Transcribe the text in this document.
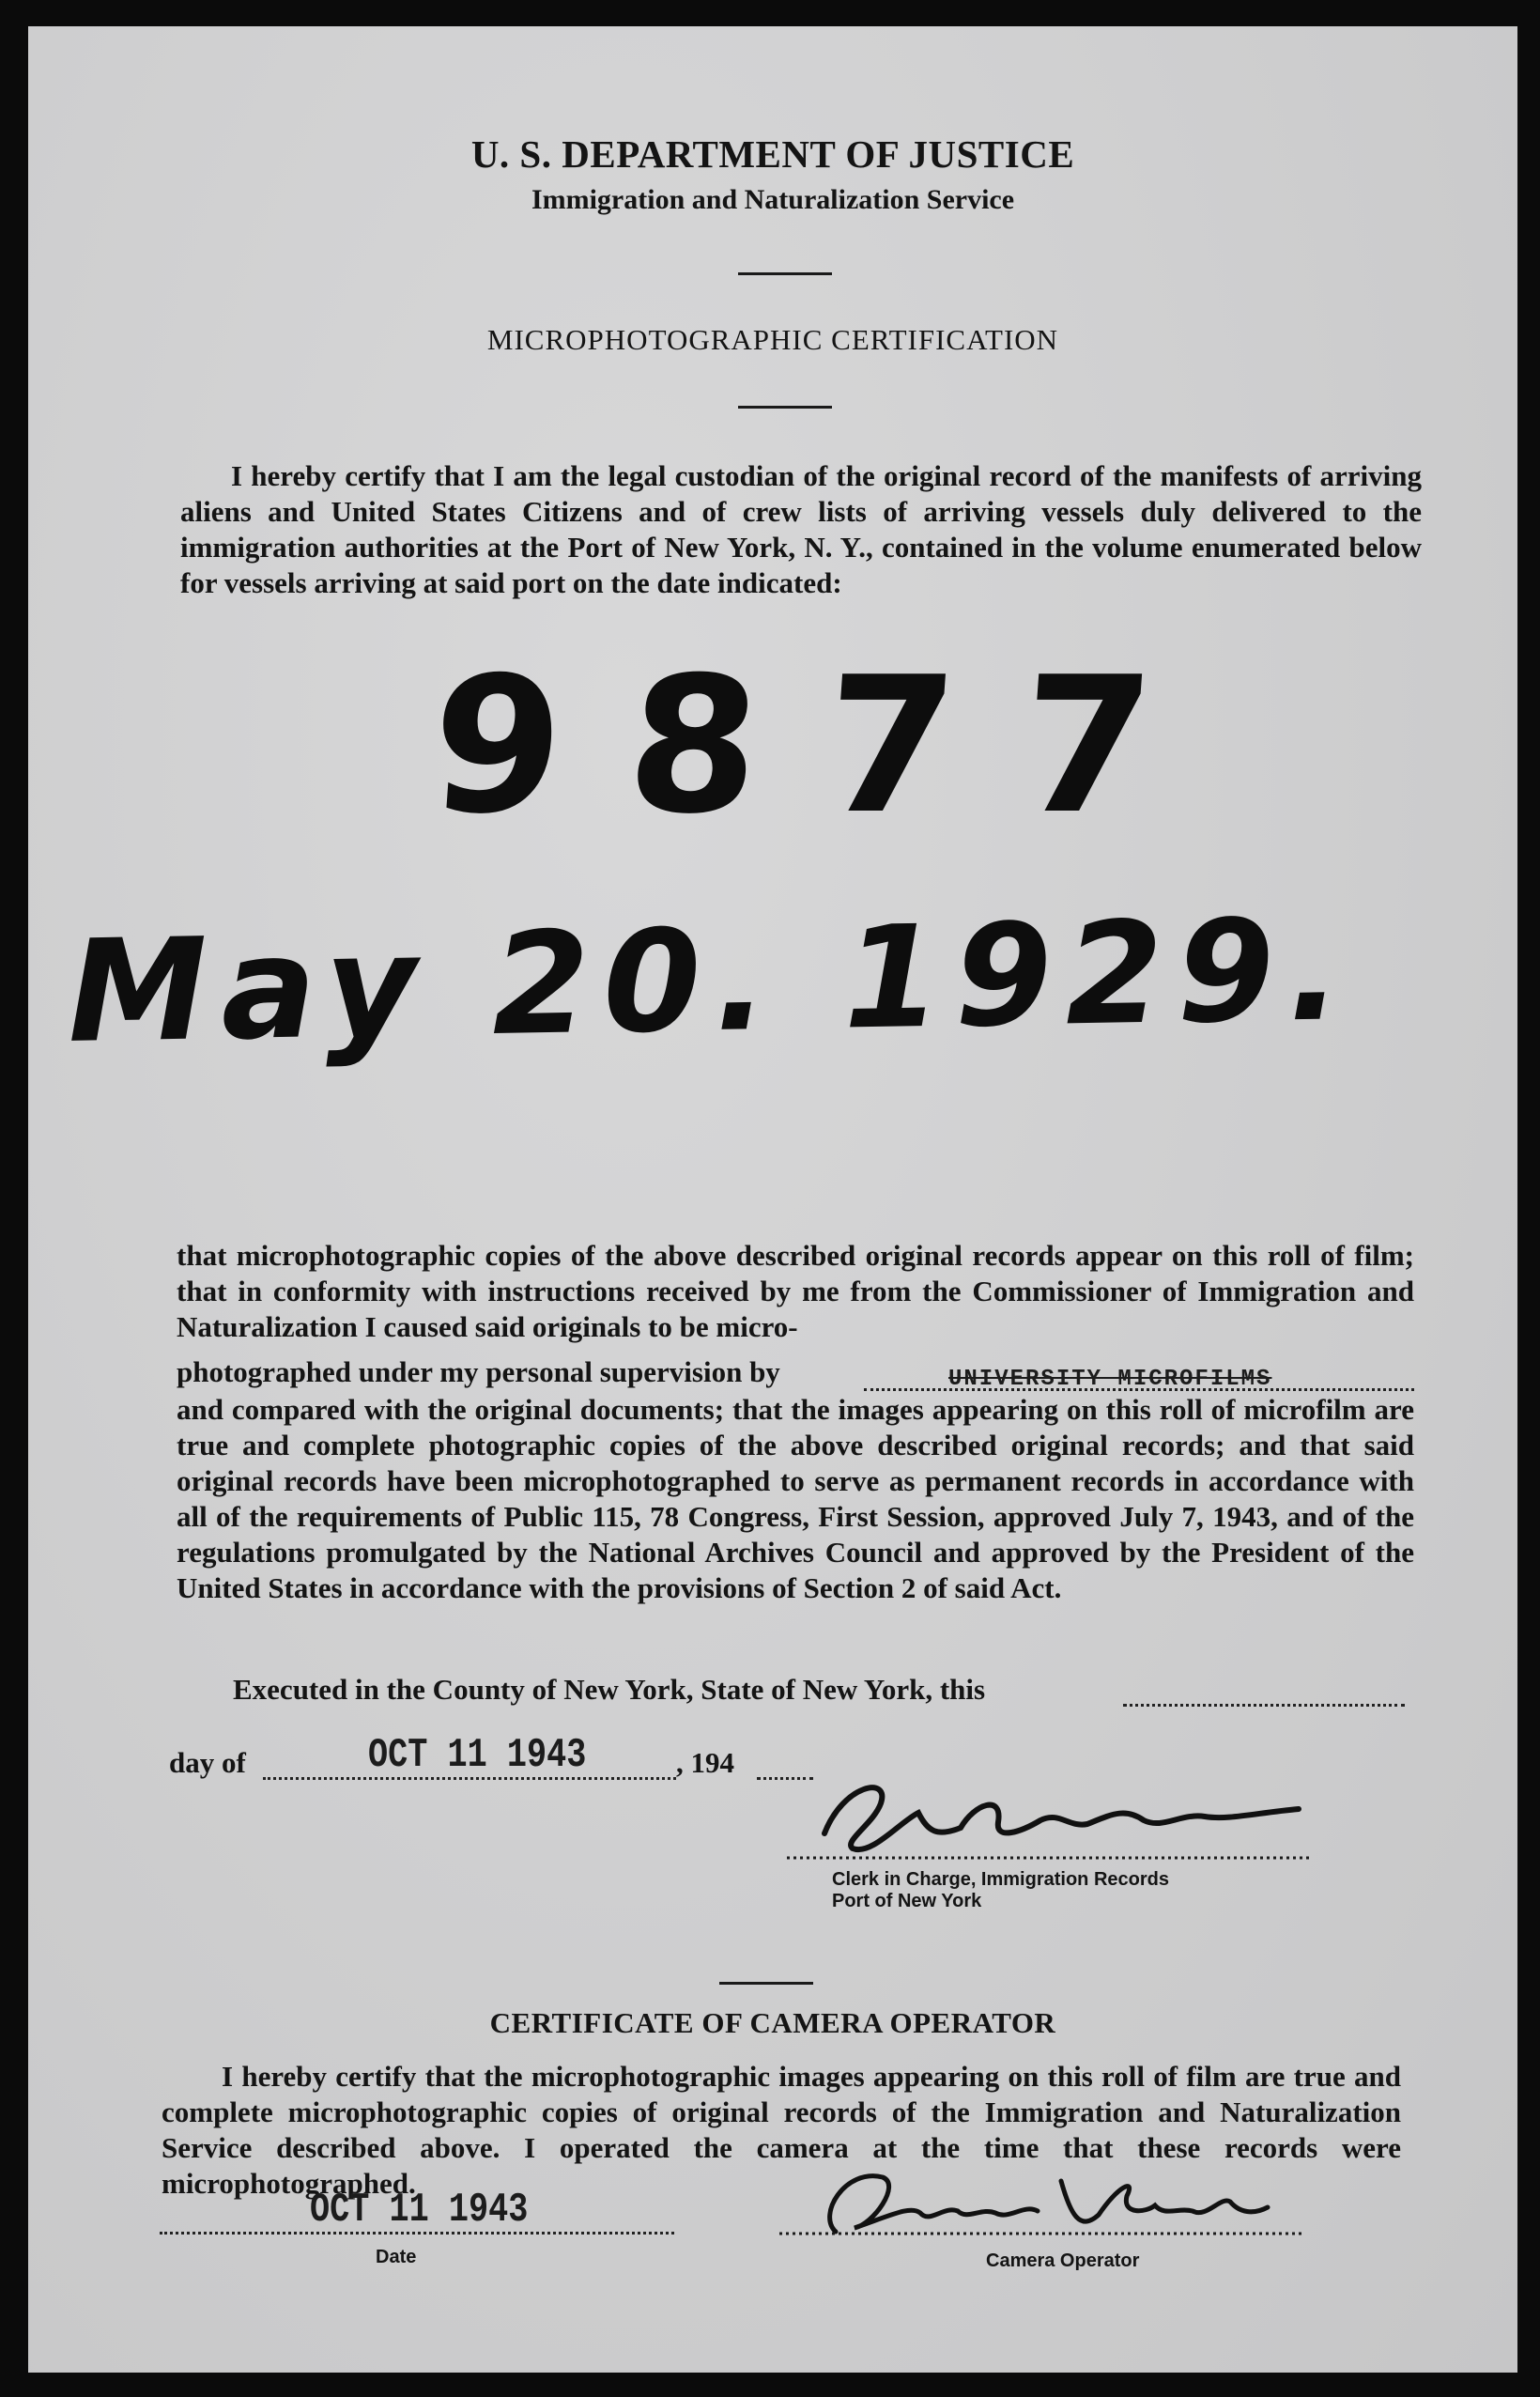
U. S. DEPARTMENT OF JUSTICE
Immigration and Naturalization Service
MICROPHOTOGRAPHIC CERTIFICATION

I hereby certify that I am the legal custodian of the original record of the manifests of arriving aliens and United States Citizens and of crew lists of arriving vessels duly delivered to the immigration authorities at the Port of New York, N. Y., contained in the volume enumerated below for vessels arriving at said port on the date indicated:

9877
May 20. 1929.

that microphotographic copies of the above described original records appear on this roll of film; that in conformity with instructions received by me from the Commissioner of Immigration and Naturalization I caused said originals to be micro-

photographed under my personal supervision by	UNIVERSITY MICROFILMS

and compared with the original documents; that the images appearing on this roll of microfilm are true and complete photographic copies of the above described original records; and that said original records have been microphotographed to serve as permanent records in accordance with all of the requirements of Public 115, 78 Congress, First Session, approved July 7, 1943, and of the regulations promulgated by the National Archives Council and approved by the President of the United States in accordance with the provisions of Section 2 of said Act.

Executed in the County of New York, State of New York, this
day of	OCT 11 1943	, 194
Clerk in Charge, Immigration Records
Port of New York
CERTIFICATE OF CAMERA OPERATOR

I hereby certify that the microphotographic images appearing on this roll of film are true and complete microphotographic copies of original records of the Immigration and Naturalization Service described above. I operated the camera at the time that these records were microphotographed.

OCT 11 1943
Date	Camera Operator
